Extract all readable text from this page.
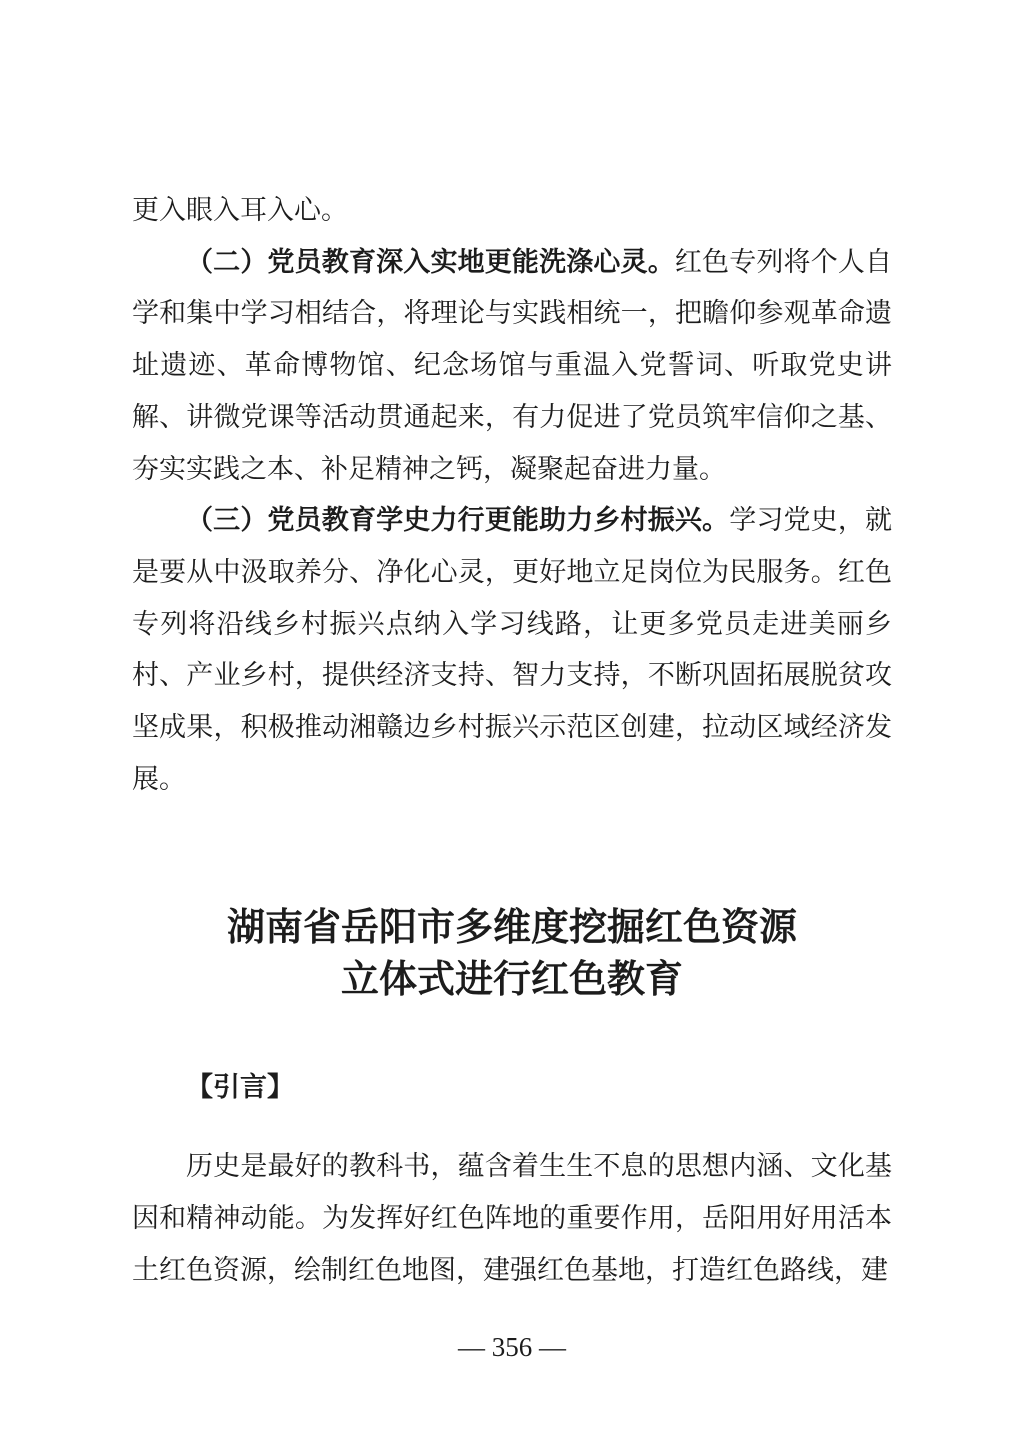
更入眼入耳入心。

（二）党员教育深入实地更能洗涤心灵。红色专列将个人自学和集中学习相结合，将理论与实践相统一，把瞻仰参观革命遗址遗迹、革命博物馆、纪念场馆与重温入党誓词、听取党史讲解、讲微党课等活动贯通起来，有力促进了党员筑牢信仰之基、夯实实践之本、补足精神之钙，凝聚起奋进力量。

（三）党员教育学史力行更能助力乡村振兴。学习党史，就是要从中汲取养分、净化心灵，更好地立足岗位为民服务。红色专列将沿线乡村振兴点纳入学习线路，让更多党员走进美丽乡村、产业乡村，提供经济支持、智力支持，不断巩固拓展脱贫攻坚成果，积极推动湘赣边乡村振兴示范区创建，拉动区域经济发展。

湖南省岳阳市多维度挖掘红色资源
立体式进行红色教育

【引言】

历史是最好的教科书，蕴含着生生不息的思想内涵、文化基因和精神动能。为发挥好红色阵地的重要作用，岳阳用好用活本土红色资源，绘制红色地图，建强红色基地，打造红色路线，建

— 356 —
